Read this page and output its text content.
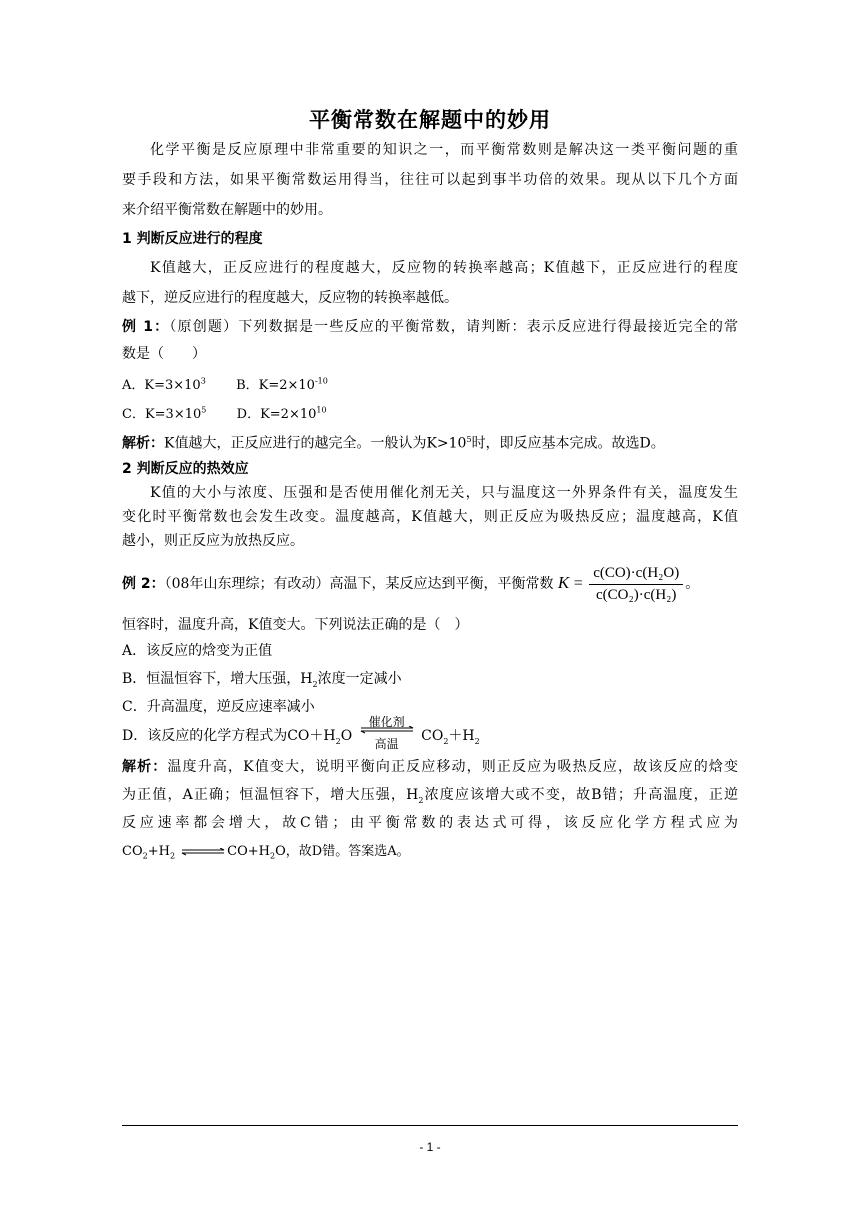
平衡常数在解题中的妙用
化学平衡是反应原理中非常重要的知识之一，而平衡常数则是解决这一类平衡问题的重
要手段和方法，如果平衡常数运用得当，往往可以起到事半功倍的效果。现从以下几个方面
来介绍平衡常数在解题中的妙用。
1 判断反应进行的程度
K值越大，正反应进行的程度越大，反应物的转换率越高；K值越下，正反应进行的程度
越下，逆反应进行的程度越大，反应物的转换率越低。
例 1：（原创题）下列数据是一些反应的平衡常数，请判断：表示反应进行得最接近完全的常
数是（　　）
A．$K=3\times 10^3$ B．$K=2\times 10^{-10}$
C．$K=3\times 10^5$ D．$K=2\times 10^{10}$
解析：K值越大，正反应进行的越完全。一般认为$K>10^5$时，即反应基本完成。故选D。
2 判断反应的热效应
K值的大小与浓度、压强和是否使用催化剂无关，只与温度这一外界条件有关，温度发生
变化时平衡常数也会发生改变。温度越高，K值越大，则正反应为吸热反应；温度越高，K值
越小，则正反应为放热反应。
例 2：（08年山东理综；有改动）高温下，某反应达到平衡，平衡常数 $K = \frac{\text{c(CO)·c(H₂O)}}{\text{c(CO₂)·c(H₂)}}$ 。
恒容时，温度升高，K值变大。下列说法正确的是（　）
A．该反应的焓变为正值
B．恒温恒容下，增大压强，$H_2$浓度一定减小
C．升高温度，逆反应速率减小
D．该反应的化学方程式为$CO+H_2O$
催化剂
高温	$CO_2+H_2$
解析：温度升高，K值变大，说明平衡向正反应移动，则正反应为吸热反应，故该反应的焓变
为正值，A正确；恒温恒容下，增大压强，$H_2$浓度应该增大或不变，故B错；升高温度，正逆
反应速率都会增大，故C错；由平衡常数的表达式可得，该反应化学方程式应为
$CO_2+H_2$ $\rightleftharpoons CO+H_2O$，故D错。答案选A。
- 1 -
